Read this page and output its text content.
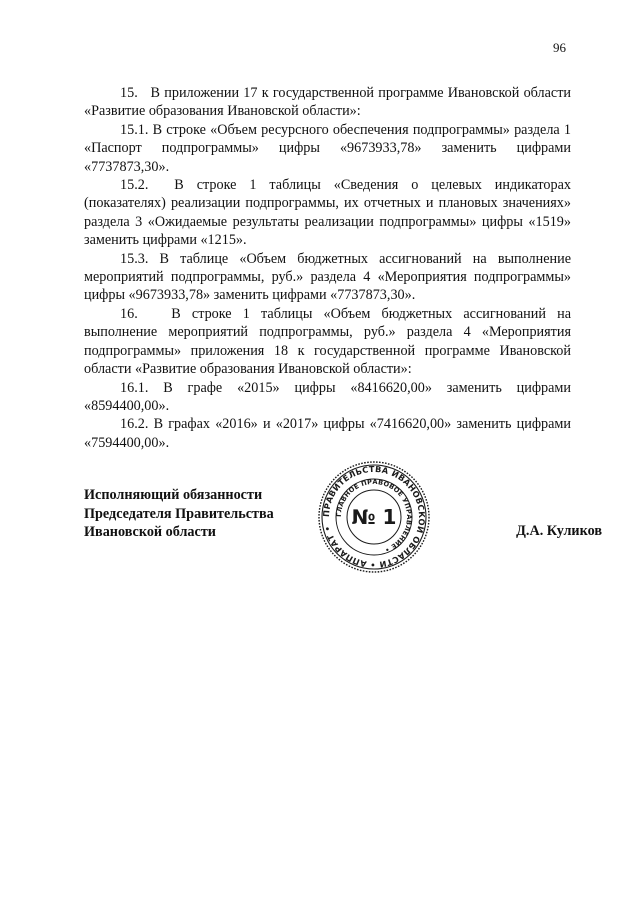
96

15.   В приложении 17 к государственной программе Ивановской области «Развитие образования Ивановской области»:

15.1. В строке «Объем ресурсного обеспечения подпрограммы» раздела 1 «Паспорт подпрограммы» цифры «9673933,78» заменить цифрами «7737873,30».

15.2.  В строке 1 таблицы «Сведения о целевых индикаторах (показателях) реализации подпрограммы, их отчетных и плановых значениях» раздела 3 «Ожидаемые результаты реализации подпрограммы» цифры «1519» заменить цифрами «1215».

15.3. В таблице «Объем бюджетных ассигнований на выполнение мероприятий подпрограммы, руб.» раздела 4 «Мероприятия подпрограммы» цифры «9673933,78» заменить цифрами «7737873,30».

16.   В строке 1 таблицы «Объем бюджетных ассигнований на выполнение мероприятий подпрограммы, руб.» раздела 4 «Мероприятия подпрограммы» приложения 18 к государственной программе Ивановской области «Развитие образования Ивановской области»:

16.1. В графе «2015» цифры «8416620,00» заменить цифрами «8594400,00».

16.2. В графах «2016» и «2017» цифры «7416620,00» заменить цифрами «7594400,00».

Исполняющий обязанности
Председателя Правительства
Ивановской области
ПРАВИТЕЛЬСТВА ИВАНОВСКОЙ ОБЛАСТИ • АППАРАТ •
ГЛАВНОЕ ПРАВОВОЕ УПРАВЛЕНИЕ •
№ 1
Д.А. Куликов
